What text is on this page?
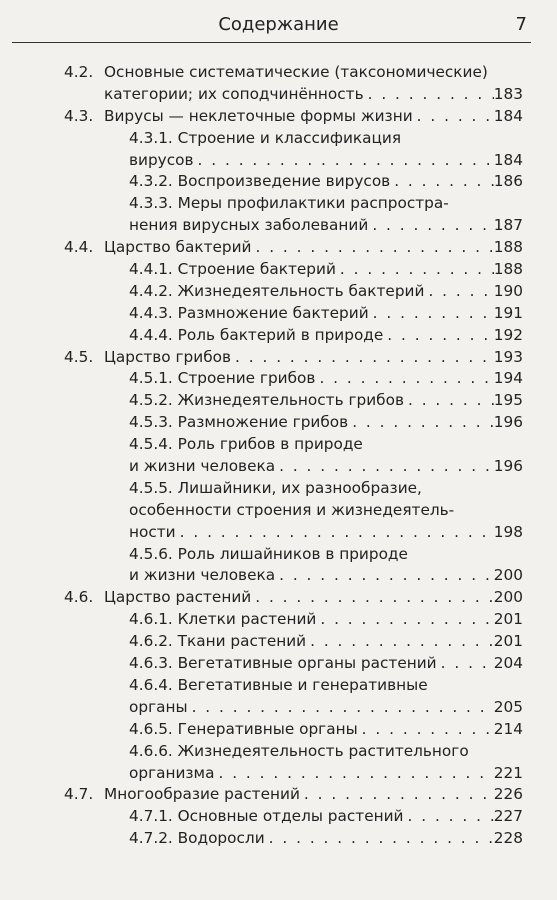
Содержание	7
4.2. Основные систематические (таксономические)
категории; их соподчинённость . . .	183
4.3. Вирусы — неклеточные формы жизни . . .	184
4.3.1. Строение и классификация
вирусов . . .	184
4.3.2. Воспроизведение вирусов . . .	186
4.3.3. Меры профилактики распростра-
нения вирусных заболеваний . . .	187
4.4. Царство бактерий . . .	188
4.4.1. Строение бактерий . . .	188
4.4.2. Жизнедеятельность бактерий . . .	190
4.4.3. Размножение бактерий . . .	191
4.4.4. Роль бактерий в природе . . .	192
4.5. Царство грибов . . .	193
4.5.1. Строение грибов . . .	194
4.5.2. Жизнедеятельность грибов . . .	195
4.5.3. Размножение грибов . . .	196
4.5.4. Роль грибов в природе
и жизни человека . . .	196
4.5.5. Лишайники, их разнообразие,
особенности строения и жизнедеятель-
ности . . .	198
4.5.6. Роль лишайников в природе
и жизни человека . . .	200
4.6. Царство растений . . .	200
4.6.1. Клетки растений . . .	201
4.6.2. Ткани растений . . .	201
4.6.3. Вегетативные органы растений . . .	204
4.6.4. Вегетативные и генеративные
органы . . .	205
4.6.5. Генеративные органы . . .	214
4.6.6. Жизнедеятельность растительного
организма . . .	221
4.7. Многообразие растений . . .	226
4.7.1. Основные отделы растений . . .	227
4.7.2. Водоросли . . .	228
